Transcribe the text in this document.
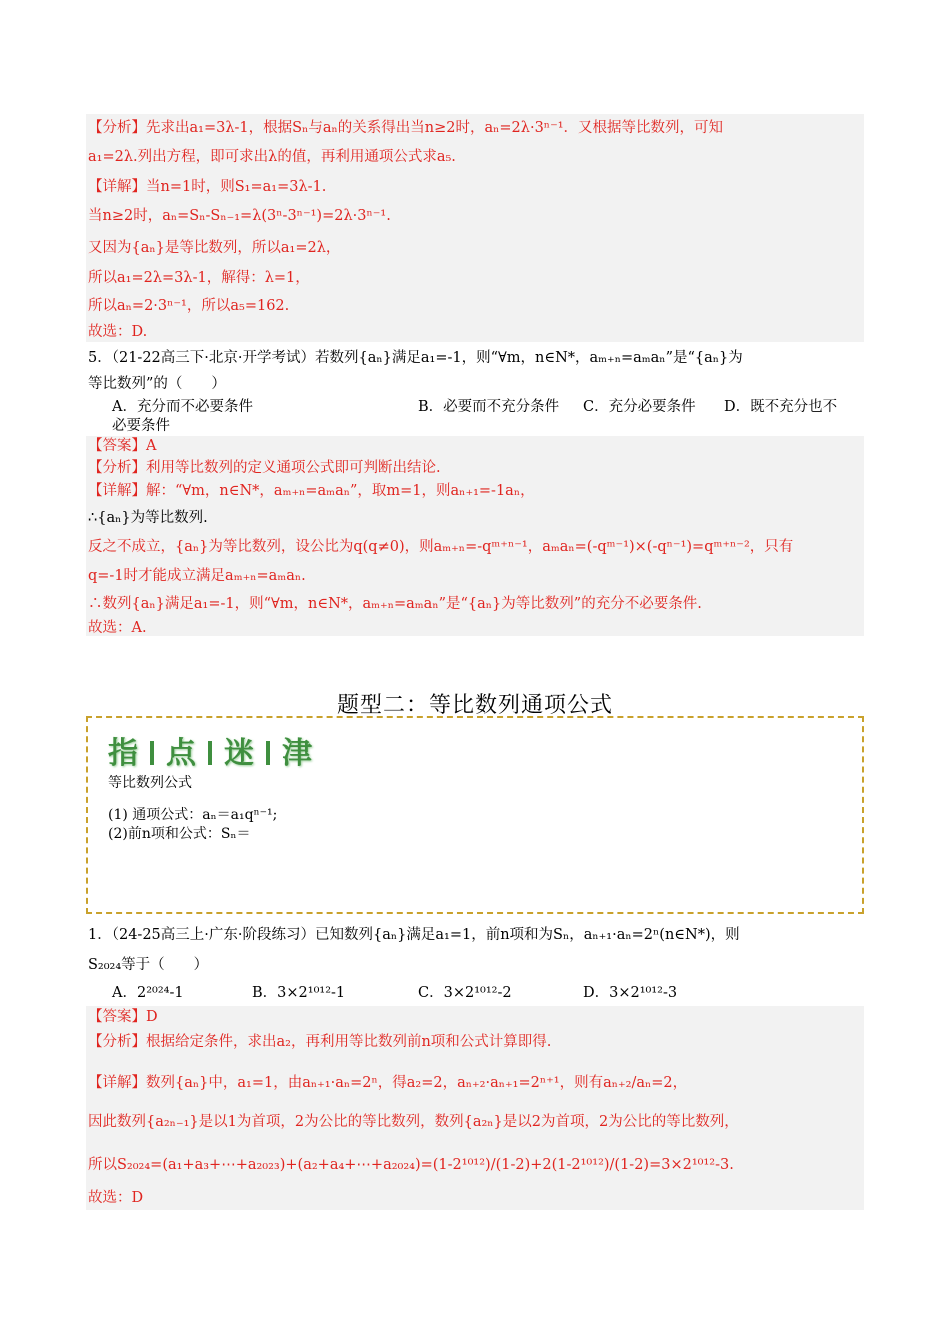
【分析】先求出a₁=3λ-1，根据Sₙ与aₙ的关系得出当n≥2时，aₙ=2λ·3ⁿ⁻¹．又根据等比数列，可知
a₁=2λ.列出方程，即可求出λ的值，再利用通项公式求a₅.
【详解】当n=1时，则S₁=a₁=3λ-1.
当n≥2时，aₙ=Sₙ-Sₙ₋₁=λ(3ⁿ-3ⁿ⁻¹)=2λ·3ⁿ⁻¹.
又因为{aₙ}是等比数列，所以a₁=2λ，
所以a₁=2λ=3λ-1，解得：λ=1，
所以aₙ=2·3ⁿ⁻¹，所以a₅=162.
故选：D.
5．（21-22高三下·北京·开学考试）若数列{aₙ}满足a₁=-1，则“∀m，n∈N*，aₘ₊ₙ=aₘaₙ”是“{aₙ}为
等比数列”的（　　）
A．充分而不必要条件	B．必要而不充分条件 C．充分必要条件 D．既不充分也不
必要条件
【答案】A
【分析】利用等比数列的定义通项公式即可判断出结论.
【详解】解：“∀m，n∈N*，aₘ₊ₙ=aₘaₙ”，取m=1，则aₙ₊₁=-1aₙ，
∴{aₙ}为等比数列.
反之不成立，{aₙ}为等比数列，设公比为q(q≠0)，则aₘ₊ₙ=-qᵐ⁺ⁿ⁻¹，aₘaₙ=(-qᵐ⁻¹)×(-qⁿ⁻¹)=qᵐ⁺ⁿ⁻²，只有
q=-1时才能成立满足aₘ₊ₙ=aₘaₙ.
∴数列{aₙ}满足a₁=-1，则“∀m，n∈N*，aₘ₊ₙ=aₘaₙ”是“{aₙ}为等比数列”的充分不必要条件.
故选：A.
题型二：等比数列通项公式
指 点 迷 津
等比数列公式
(1) 通项公式：aₙ＝a₁qⁿ⁻¹;
(2)前n项和公式：Sₙ＝
1．（24-25高三上·广东·阶段练习）已知数列{aₙ}满足a₁=1，前n项和为Sₙ，aₙ₊₁·aₙ=2ⁿ(n∈N*)，则
S₂₀₂₄等于（　　）
A．2²⁰²⁴-1	B．3×2¹⁰¹²-1	C．3×2¹⁰¹²-2	D．3×2¹⁰¹²-3
【答案】D
【分析】根据给定条件，求出a₂，再利用等比数列前n项和公式计算即得.
【详解】数列{aₙ}中，a₁=1，由aₙ₊₁·aₙ=2ⁿ，得a₂=2，aₙ₊₂·aₙ₊₁=2ⁿ⁺¹，则有aₙ₊₂/aₙ=2，
因此数列{a₂ₙ₋₁}是以1为首项，2为公比的等比数列，数列{a₂ₙ}是以2为首项，2为公比的等比数列，
所以S₂₀₂₄=(a₁+a₃+⋯+a₂₀₂₃)+(a₂+a₄+⋯+a₂₀₂₄)=(1-2¹⁰¹²)/(1-2)+2(1-2¹⁰¹²)/(1-2)=3×2¹⁰¹²-3.
故选：D
